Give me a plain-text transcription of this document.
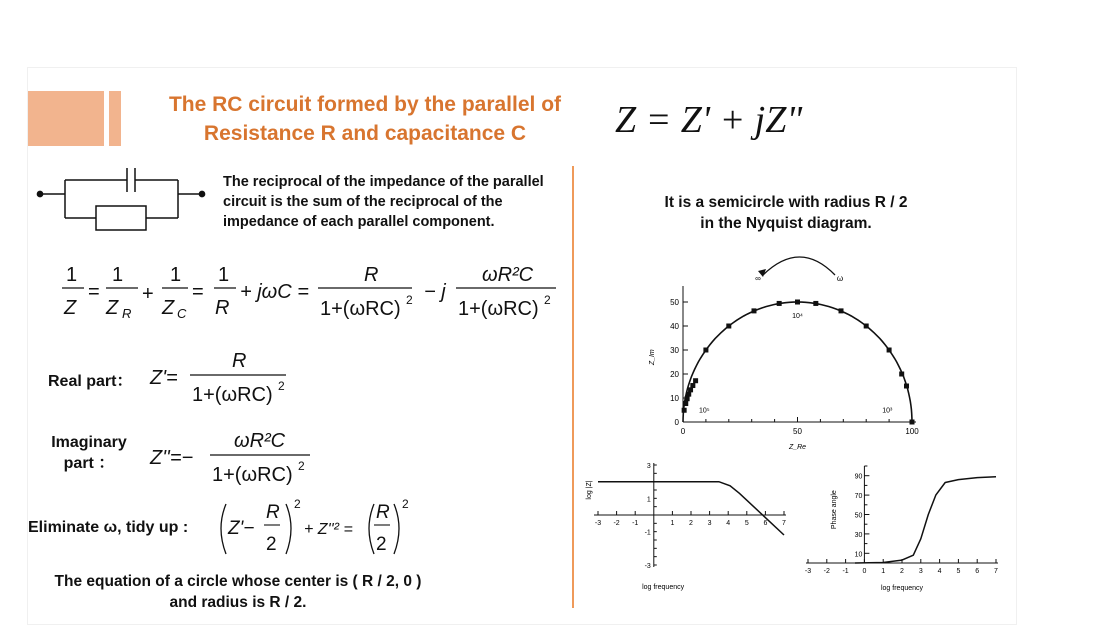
The RC circuit formed by the parallel of
Resistance R and capacitance C	Z = Z' + jZ"
The reciprocal of the impedance of the parallel circuit is the sum of the reciprocal of the impedance of each parallel component.
1
Z
=
1
Z R
+
1
Z C
=
1
R
+ jωC =
R
1+(ωRC) 2 − j
ωR²C
1+(ωRC) 2
Real part： Z'=
R
1+(ωRC) 2
Imaginary
part ：	Z''=−
ωR²C
1+(ωRC) 2
Eliminate ω, tidy up : Z'−
R
2
2
+ Z''² =
R
2
2
The equation of a circle whose center is ( R / 2, 0 )
and radius is R / 2.
It is a semicircle with radius R / 2
in the Nyquist diagram.
0	50	100
0
10
20
30
40
50
Z_Re
Z_Im
∞	ω
10⁴
10⁵	10³
-3 -2 -1	1 2 3 4 5 6 7
3
1
-1
-3
log frequency
log |Z|
-3 -2 -1 0 1 2 3 4 5 6 7
10
30
50
70
90
log frequency
Phase angle
